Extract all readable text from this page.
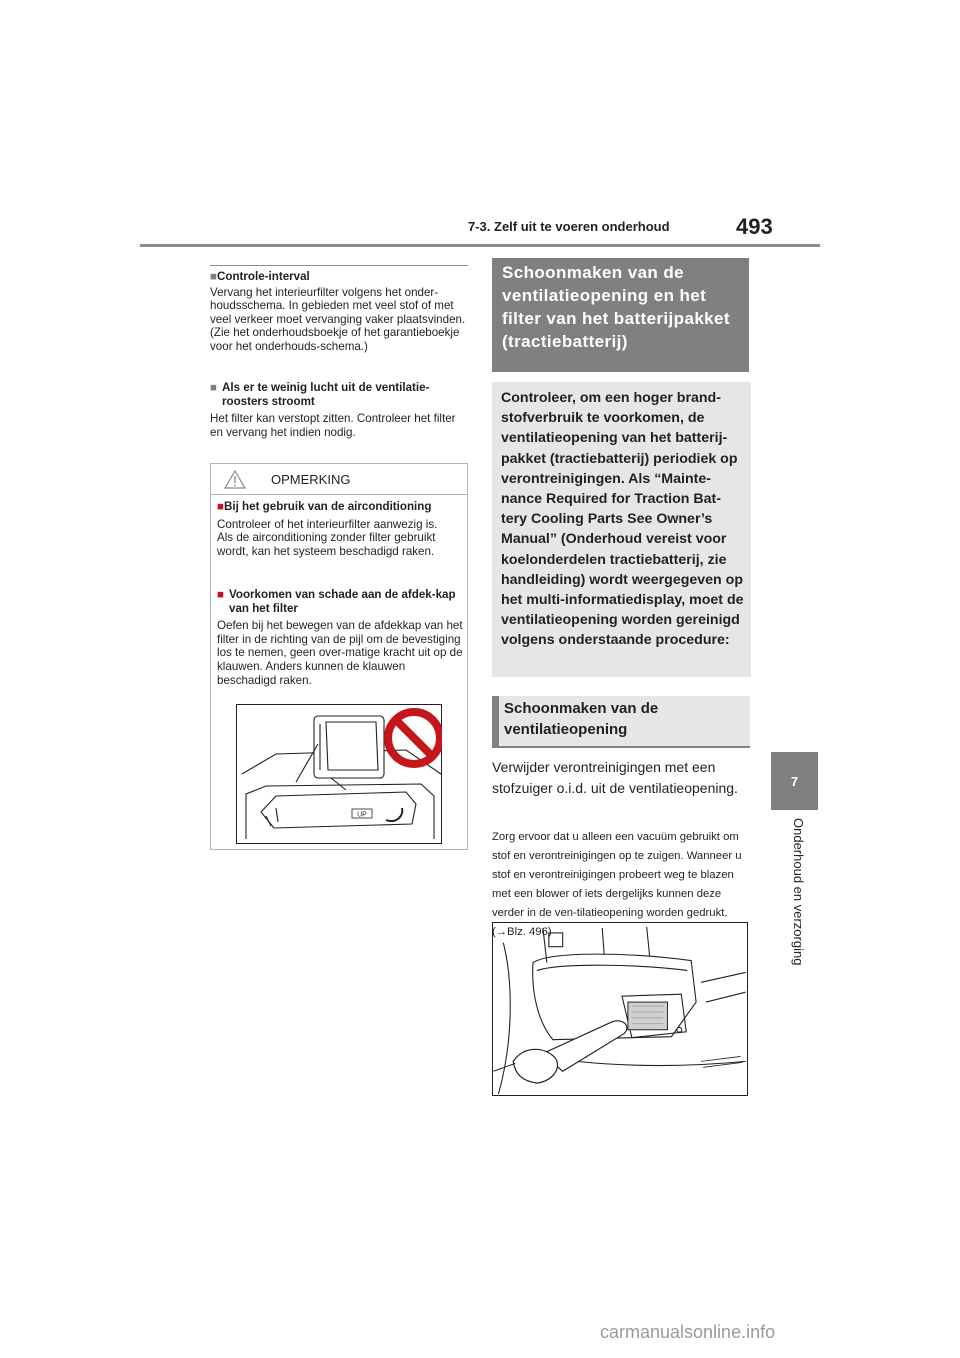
7-3. Zelf uit te voeren onderhoud	493
7
Onderhoud en verzorging

■Controle-interval

Vervang het interieurfilter volgens het onder-houdsschema. In gebieden met veel stof of met veel verkeer moet vervanging vaker plaatsvinden. (Zie het onderhoudsboekje of het garantieboekje voor het onderhouds-schema.)

■ Als er te weinig lucht uit de ventilatie-roosters stroomt

Het filter kan verstopt zitten. Controleer het filter en vervang het indien nodig.

OPMERKING

■Bij het gebruik van de airconditioning

Controleer of het interieurfilter aanwezig is.

Als de airconditioning zonder filter gebruikt wordt, kan het systeem beschadigd raken.

■ Voorkomen van schade aan de afdek-kap van het filter

Oefen bij het bewegen van de afdekkap van het filter in de richting van de pijl om de bevestiging los te nemen, geen over-matige kracht uit op de klauwen. Anders kunnen de klauwen beschadigd raken.

UP
Schoonmaken van de ventilatieopening en het filter van het batterijpakket (tractiebatterij)
Controleer, om een hoger brand-stofverbruik te voorkomen, de ventilatieopening van het batterij-pakket (tractiebatterij) periodiek op verontreinigingen. Als “Mainte-nance Required for Traction Bat-tery Cooling Parts See Owner’s Manual” (Onderhoud vereist voor koelonderdelen tractiebatterij, zie handleiding) wordt weergegeven op het multi-informatiedisplay, moet de ventilatieopening worden gereinigd volgens onderstaande procedure:
Schoonmaken van de ventilatieopening
Verwijder verontreinigingen met een stofzuiger o.i.d. uit de ventilatieopening.
Zorg ervoor dat u alleen een vacuüm gebruikt om stof en verontreinigingen op te zuigen. Wanneer u stof en verontreinigingen probeert weg te blazen met een blower of iets dergelijks kunnen deze verder in de ven-tilatieopening worden gedrukt. (→Blz. 496)
carmanualsonline.info
